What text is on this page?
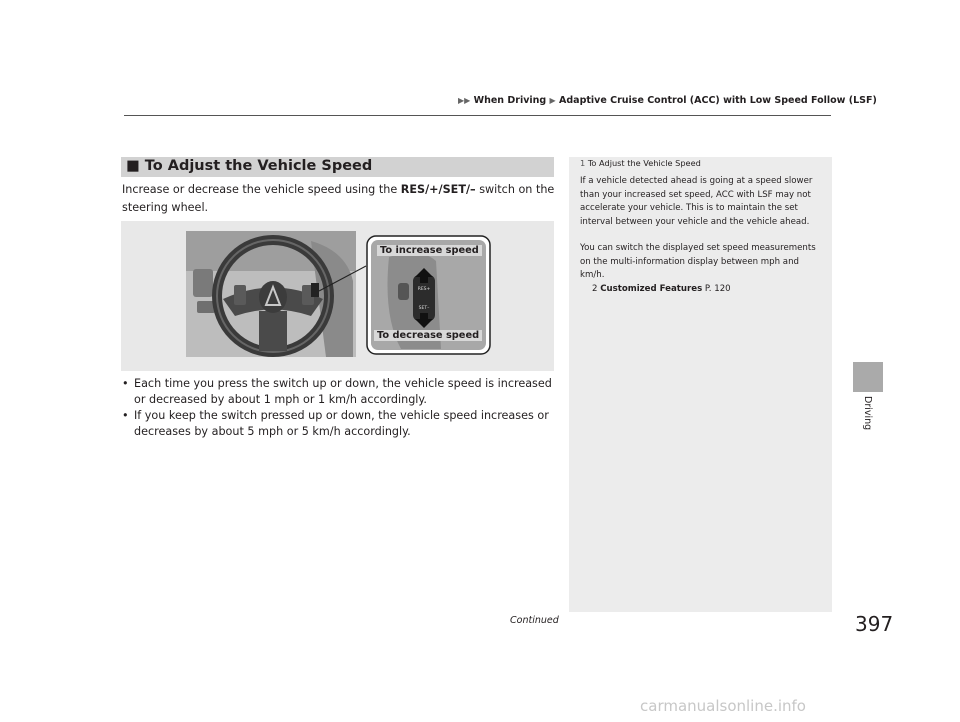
▶▶ When Driving ▶ Adaptive Cruise Control (ACC) with Low Speed Follow (LSF)
■ To Adjust the Vehicle Speed
Increase or decrease the vehicle speed using the RES/+/SET/– switch on the steering wheel.
RES+
SET–
To increase speed
To decrease speed
• Each time you press the switch up or down, the vehicle speed is increased or decreased by about 1 mph or 1 km/h accordingly.
• If you keep the switch pressed up or down, the vehicle speed increases or decreases by about 5 mph or 5 km/h accordingly.
1 To Adjust the Vehicle Speed

If a vehicle detected ahead is going at a speed slower than your increased set speed, ACC with LSF may not accelerate your vehicle. This is to maintain the set interval between your vehicle and the vehicle ahead.

You can switch the displayed set speed measurements on the multi-information display between mph and km/h.

2 Customized Features P. 120
Continued	397
Driving
carmanualsonline.info
